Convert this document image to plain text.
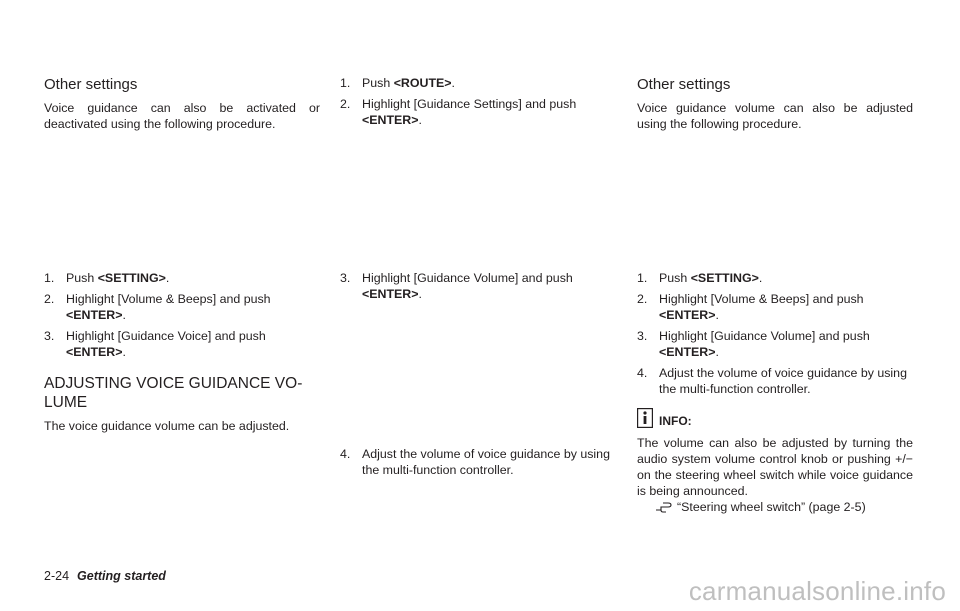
Other settings

Voice guidance can also be activated or deactivated using the following procedure.

1. Push <SETTING>.
2. Highlight [Volume & Beeps] and push <ENTER>.
3. Highlight [Guidance Voice] and push <ENTER>.
ADJUSTING VOICE GUIDANCE VO-LUME

The voice guidance volume can be adjusted.

1. Push <ROUTE>.
2. Highlight [Guidance Settings] and push <ENTER>.
3. Highlight [Guidance Volume] and push <ENTER>.
4. Adjust the volume of voice guidance by using the multi-function controller.
Other settings

Voice guidance volume can also be adjusted using the following procedure.

1. Push <SETTING>.
2. Highlight [Volume & Beeps] and push <ENTER>.
3. Highlight [Guidance Volume] and push <ENTER>.
4. Adjust the volume of voice guidance by using the multi-function controller.
INFO:

The volume can also be adjusted by turning the audio system volume control knob or pushing +/− on the steering wheel switch while voice guidance is being announced.

“Steering wheel switch” (page 2-5)
2-24 Getting started	carmanualsonline.info
